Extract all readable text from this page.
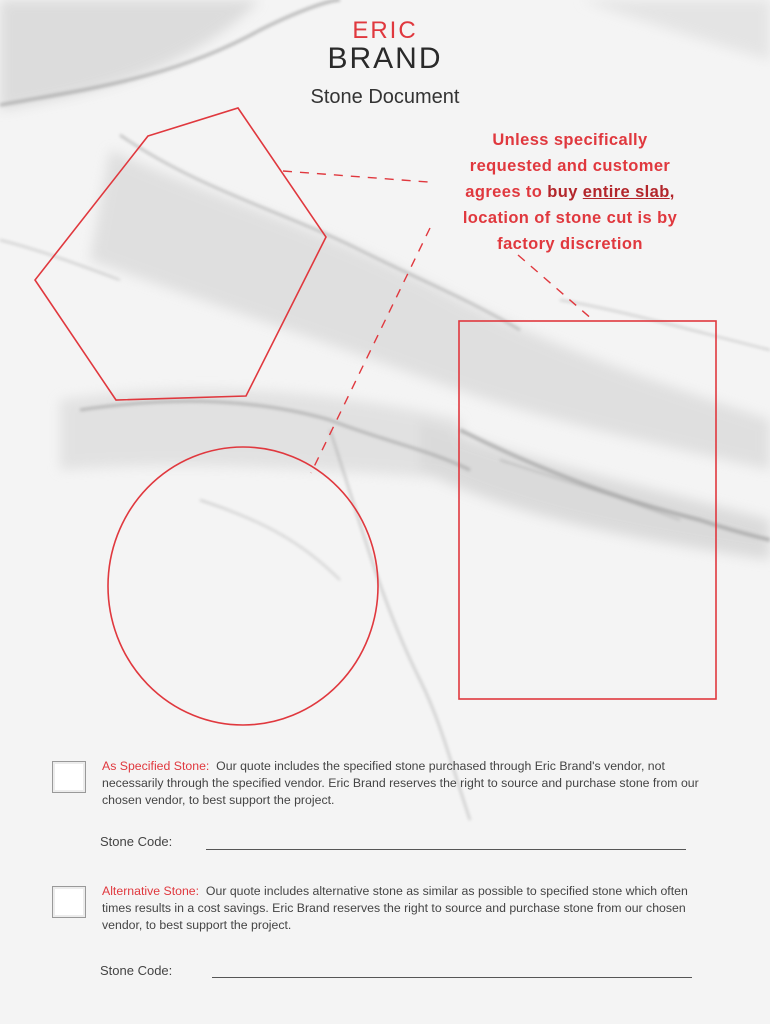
ERIC
BRAND
Stone Document
Unless specifically
requested and customer
agrees to buy entire slab,
location of stone cut is by
factory discretion
As Specified Stone: Our quote includes the specified stone purchased through Eric Brand's vendor, not necessarily through the specified vendor. Eric Brand reserves the right to source and purchase stone from our chosen vendor, to best support the project.
Stone Code:
Alternative Stone: Our quote includes alternative stone as similar as possible to specified stone which often times results in a cost savings. Eric Brand reserves the right to source and purchase stone from our chosen vendor, to best support the project.
Stone Code:
